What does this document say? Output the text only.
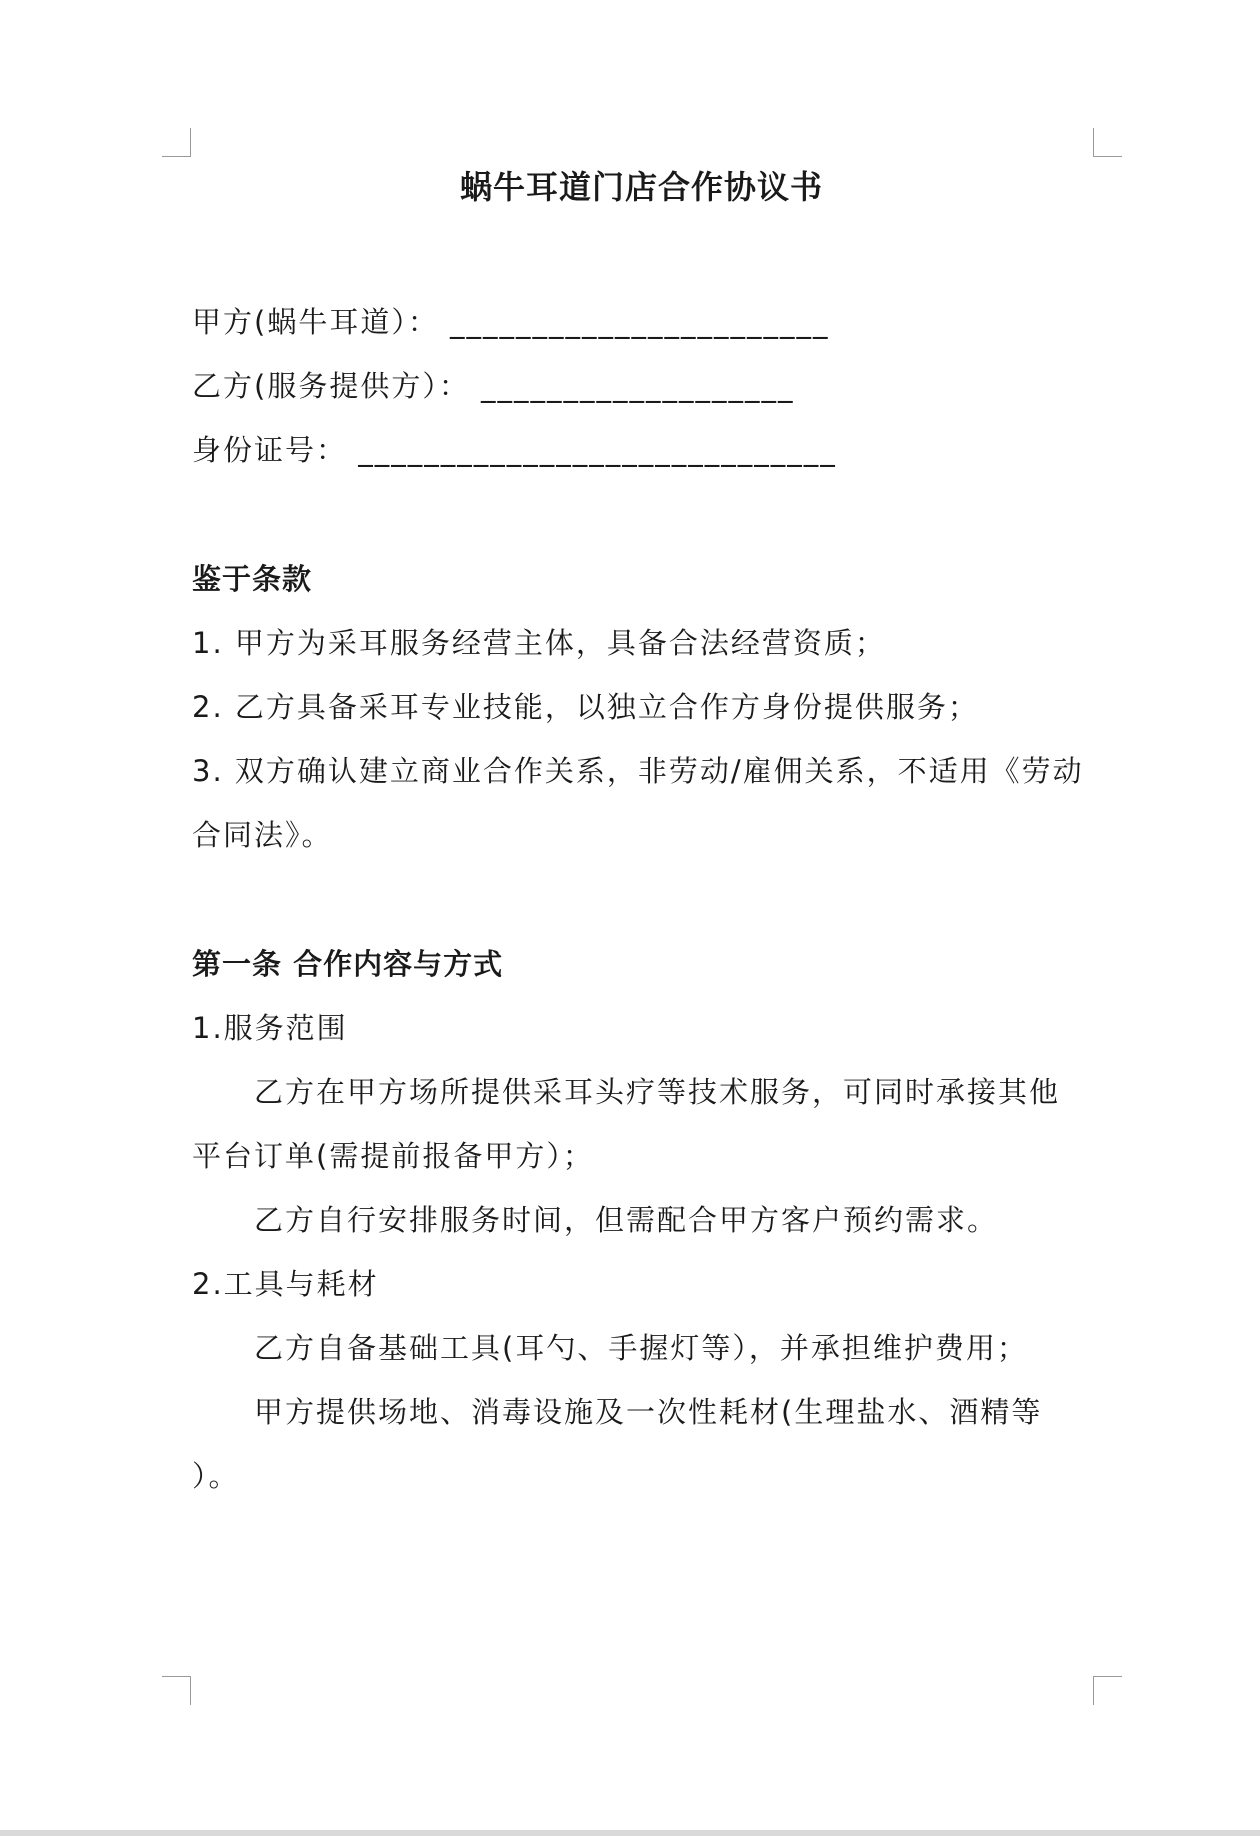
蜗牛耳道门店合作协议书
甲方(蜗牛耳道）： _______________________
乙方(服务提供方）： ___________________
身份证号： _____________________________
鉴于条款
1. 甲方为采耳服务经营主体，具备合法经营资质；
2. 乙方具备采耳专业技能，以独立合作方身份提供服务；
3. 双方确认建立商业合作关系，非劳动/雇佣关系，不适用《劳动
合同法》。
第一条 合作内容与方式
1.服务范围
乙方在甲方场所提供采耳头疗等技术服务，可同时承接其他
平台订单(需提前报备甲方）；
乙方自行安排服务时间，但需配合甲方客户预约需求。
2.工具与耗材
乙方自备基础工具(耳勺、手握灯等），并承担维护费用；
甲方提供场地、消毒设施及一次性耗材(生理盐水、酒精等
）。
